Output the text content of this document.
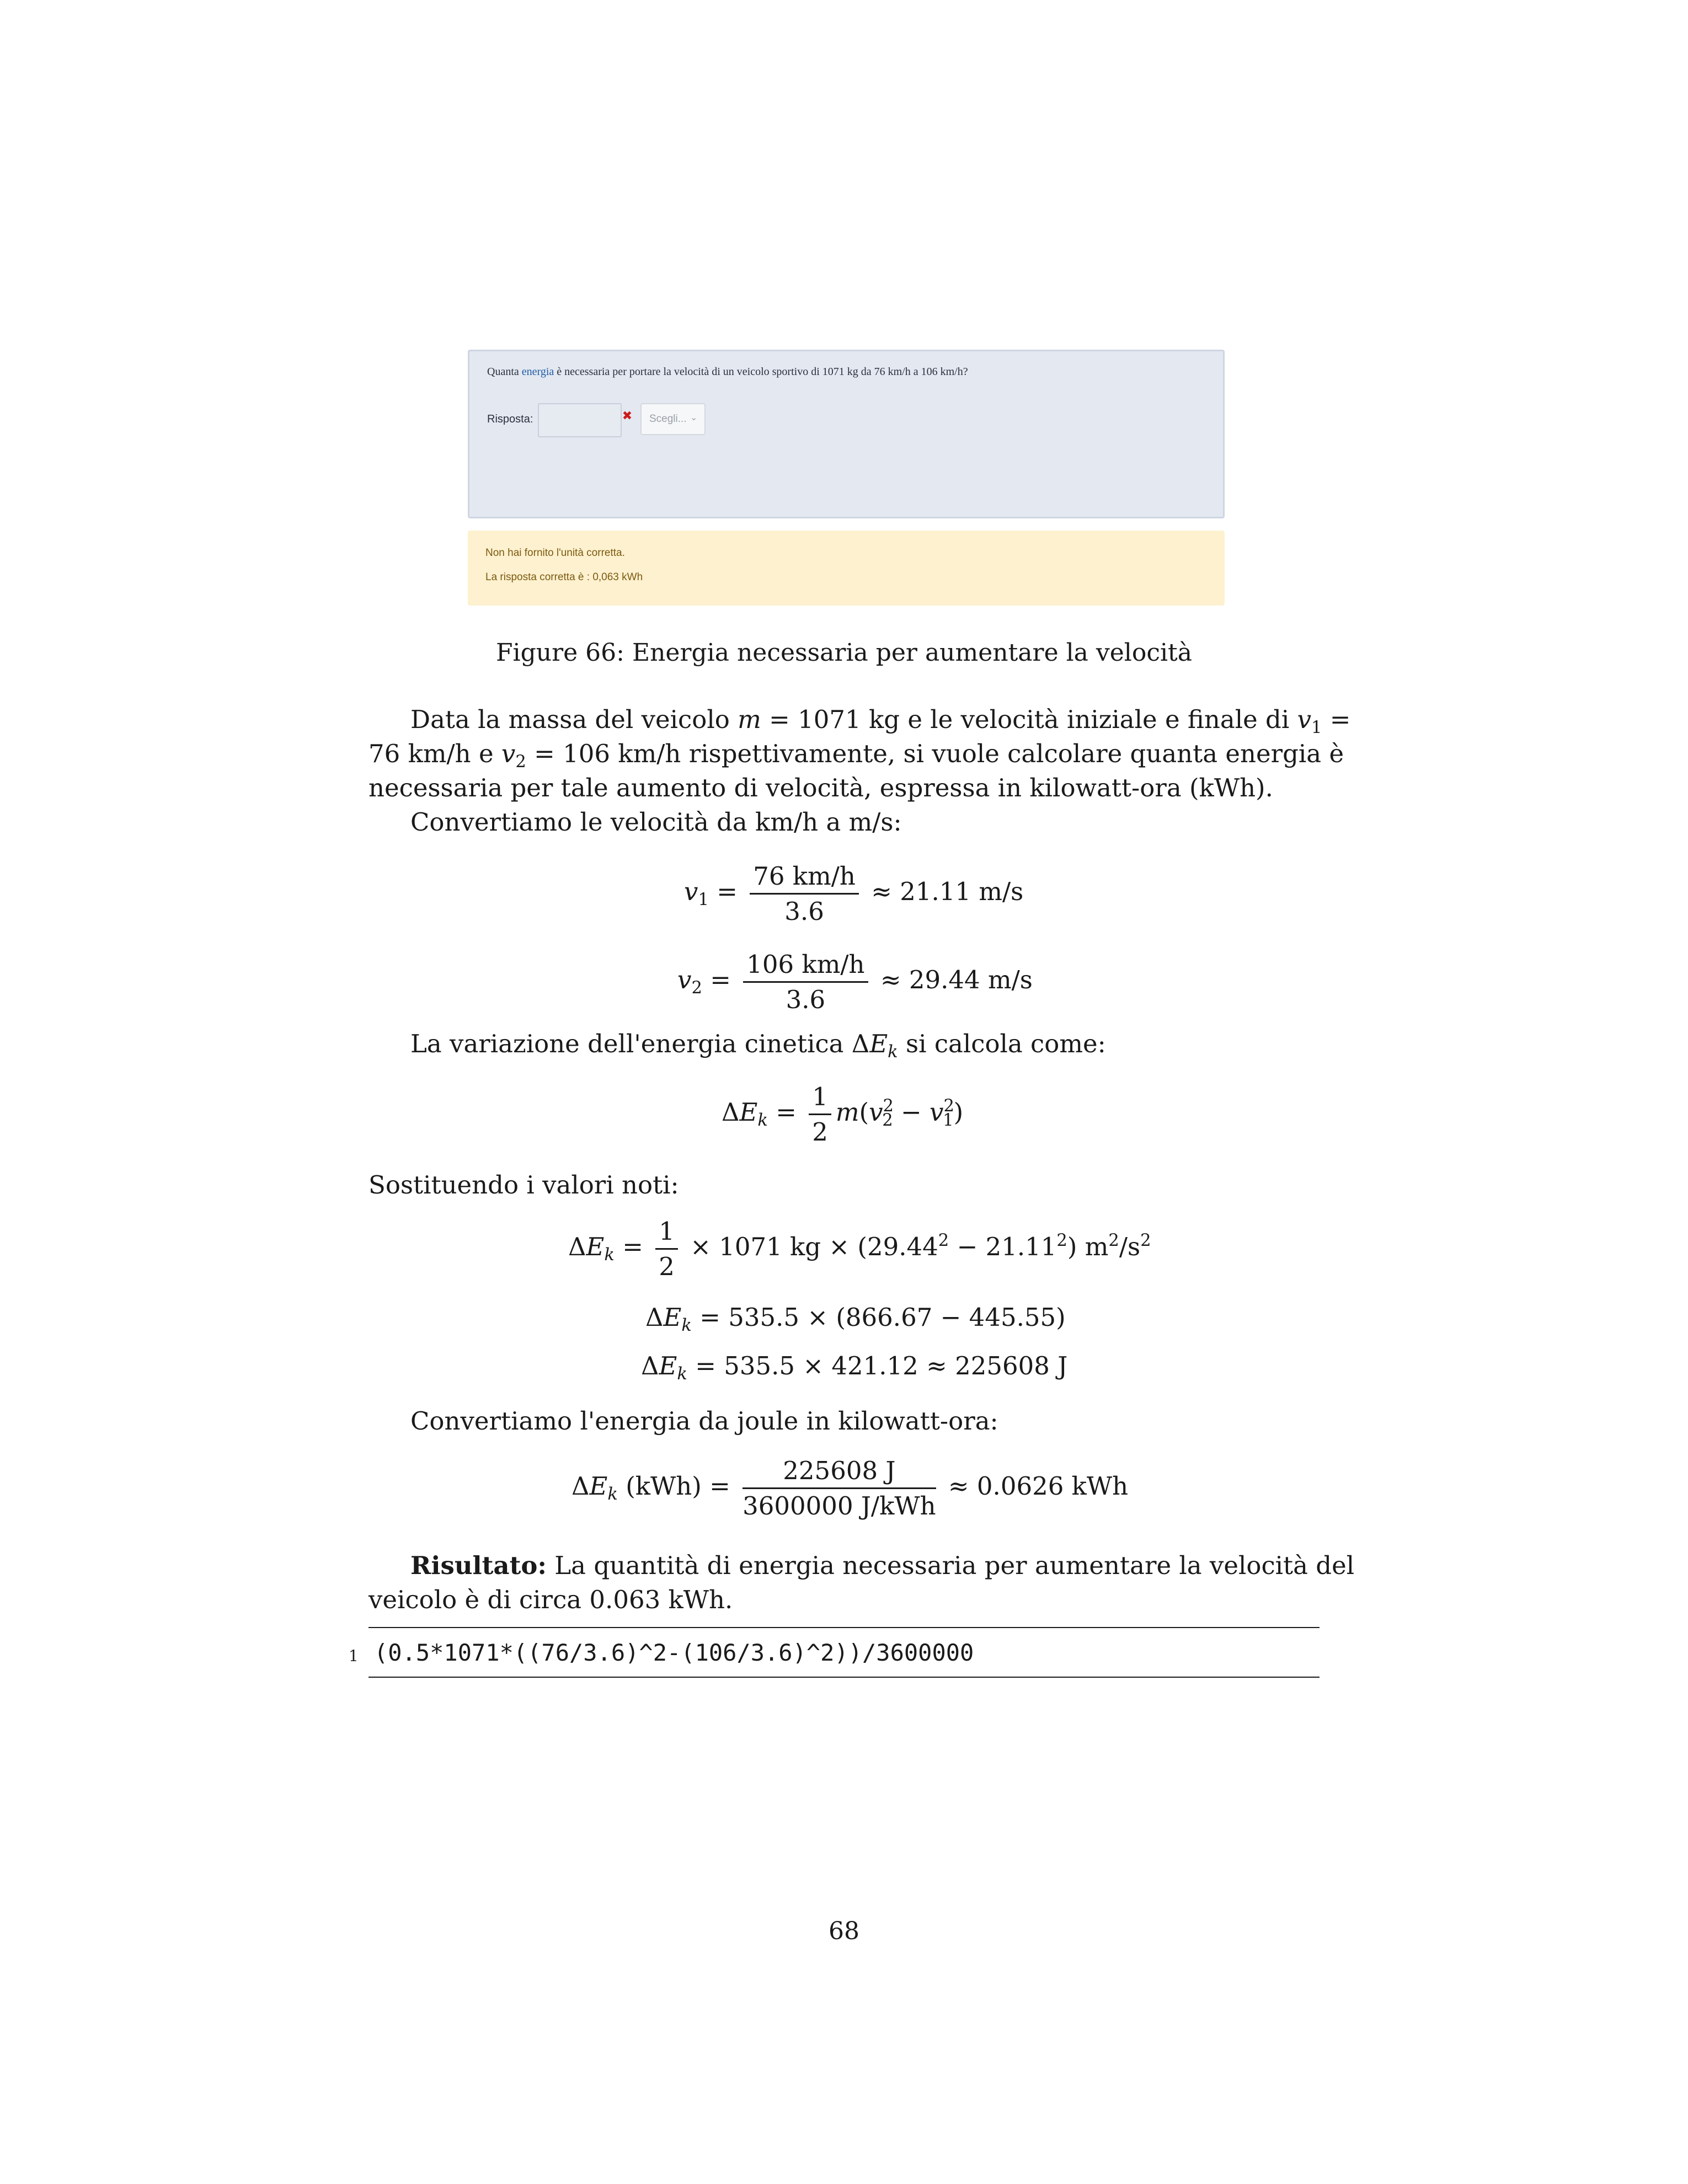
Quanta energia è necessaria per portare la velocità di un veicolo sportivo di 1071 kg da 76 km/h a 106 km/h?
Risposta:	✖ Scegli... ⌄
Non hai fornito l'unità corretta.
La risposta corretta è : 0,063 kWh
Figure 66: Energia necessaria per aumentare la velocità
Data la massa del veicolo m = 1071 kg e le velocità iniziale e finale di $v_1$ =
76 km/h e $v_2 = 106$ km/h rispettivamente, si vuole calcolare quanta energia è
necessaria per tale aumento di velocità, espressa in kilowatt-ora (kWh).
Convertiamo le velocità da km/h a m/s:
$v_1 = \frac{76 km/h}{3.6} \approx 21.11$ m/s
$v_2 = \frac{106 km/h}{3.6} \approx 29.44$ m/s
La variazione dell'energia cinetica $\Delta E_k$ si calcola come:
$\Delta E_k = \frac{1}{2} m(v^2_2 - v^2_1)$
Sostituendo i valori noti:
$\Delta E_k = \frac{1}{2} \times 1071$ kg × $(29.44^2 - 21.11^2)$ $m^2/s^2$
$\Delta E_k = 535.5 \times (866.67 - 445.55)$
$\Delta E_k = 535.5 \times 421.12 \approx 225608$ J
Convertiamo l'energia da joule in kilowatt-ora:
$\Delta E_k$ $(kWh) = \frac{225608 J}{\text{3600000 J/kWh}} \approx 0.0626$ kWh
Risultato: La quantità di energia necessaria per aumentare la velocità del
veicolo è di circa 0.063 kWh.
1 (0.5*1071*((76/3.6)^2-(106/3.6)^2))/3600000
68
